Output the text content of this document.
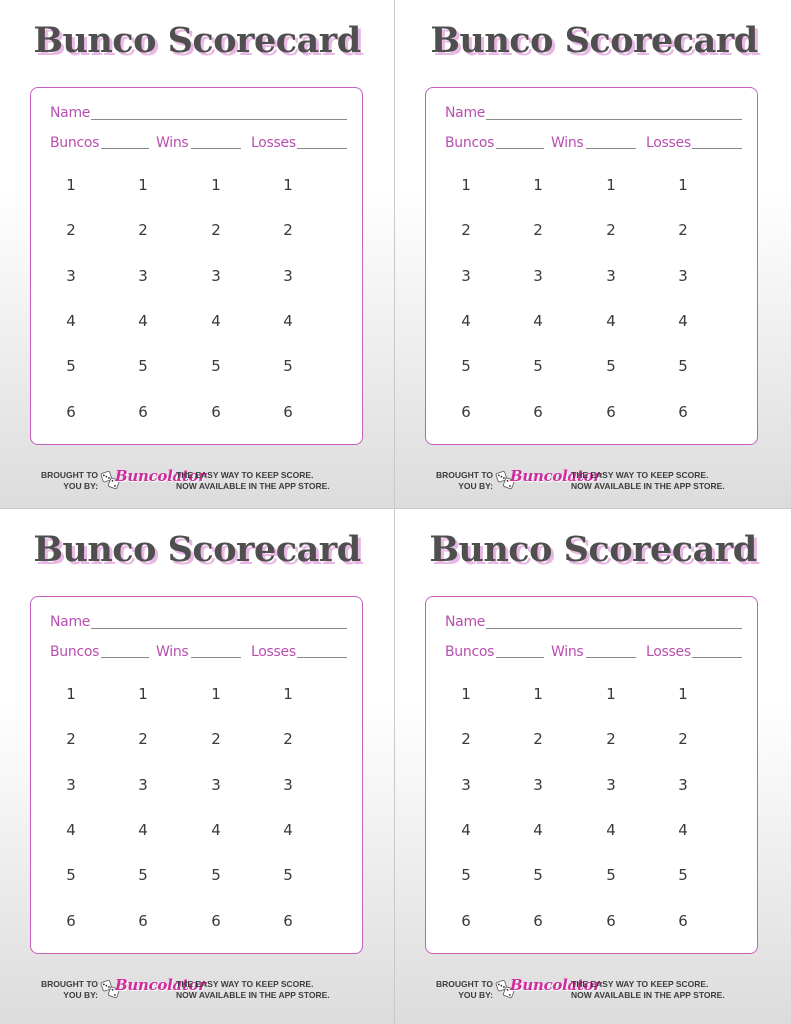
Bunco Scorecard
Name
Buncos	Wins	Losses
1	1	1	1
2	2	2	2
3	3	3	3
4	4	4	4
5	5	5	5
6	6	6	6
BROUGHT TO
YOU BY:
Buncolator
THE EASY WAY TO KEEP SCORE.
NOW AVAILABLE IN THE APP STORE.
Bunco Scorecard
Name
Buncos	Wins	Losses
1	1	1	1
2	2	2	2
3	3	3	3
4	4	4	4
5	5	5	5
6	6	6	6
BROUGHT TO
YOU BY:
Buncolator
THE EASY WAY TO KEEP SCORE.
NOW AVAILABLE IN THE APP STORE.
Bunco Scorecard
Name
Buncos	Wins	Losses
1	1	1	1
2	2	2	2
3	3	3	3
4	4	4	4
5	5	5	5
6	6	6	6
BROUGHT TO
YOU BY:
Buncolator
THE EASY WAY TO KEEP SCORE.
NOW AVAILABLE IN THE APP STORE.
Bunco Scorecard
Name
Buncos	Wins	Losses
1	1	1	1
2	2	2	2
3	3	3	3
4	4	4	4
5	5	5	5
6	6	6	6
BROUGHT TO
YOU BY:
Buncolator
THE EASY WAY TO KEEP SCORE.
NOW AVAILABLE IN THE APP STORE.
